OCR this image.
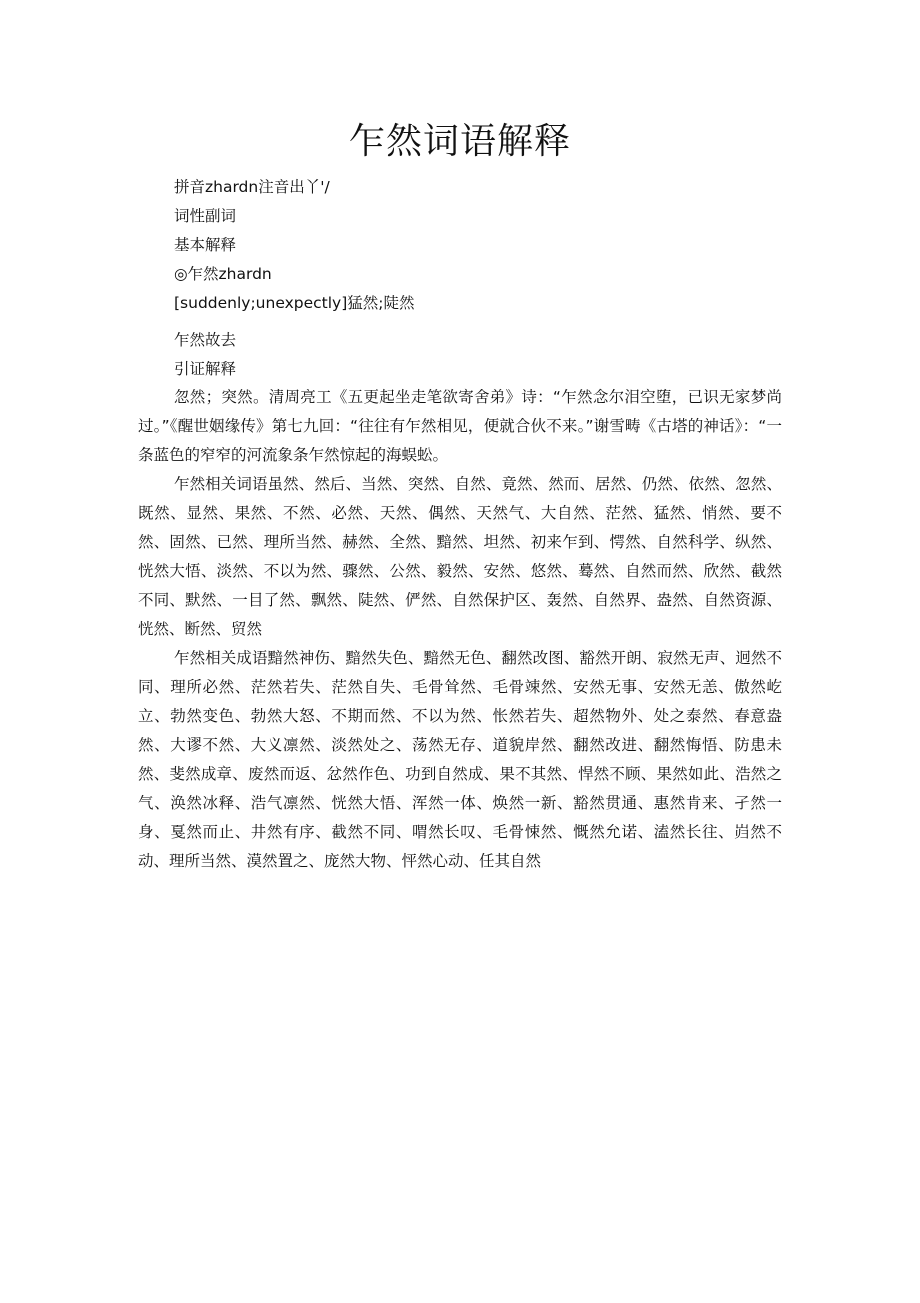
乍然词语解释

拼音zhardn注音出丫'/

词性副词

基本解释

◎乍然zhardn

[suddenly;unexpectly]猛然;陡然

乍然故去

引证解释

忽然；突然。清周亮工《五更起坐走笔欲寄舍弟》诗：“乍然念尔泪空堕，已识无家梦尚过。”《醒世姻缘传》第七九回：“往往有乍然相见，便就合伙不来。”谢雪畴《古塔的神话》：“一条蓝色的窄窄的河流象条乍然惊起的海蜈蚣。

乍然相关词语虽然、然后、当然、突然、自然、竟然、然而、居然、仍然、依然、忽然、既然、显然、果然、不然、必然、天然、偶然、天然气、大自然、茫然、猛然、悄然、要不然、固然、已然、理所当然、赫然、全然、黯然、坦然、初来乍到、愕然、自然科学、纵然、恍然大悟、淡然、不以为然、骤然、公然、毅然、安然、悠然、蓦然、自然而然、欣然、截然不同、默然、一目了然、飘然、陡然、俨然、自然保护区、轰然、自然界、盎然、自然资源、恍然、断然、贸然

乍然相关成语黯然神伤、黯然失色、黯然无色、翻然改图、豁然开朗、寂然无声、迥然不同、理所必然、茫然若失、茫然自失、毛骨耸然、毛骨竦然、安然无事、安然无恙、傲然屹立、勃然变色、勃然大怒、不期而然、不以为然、怅然若失、超然物外、处之泰然、春意盎然、大谬不然、大义凛然、淡然处之、荡然无存、道貌岸然、翻然改进、翻然悔悟、防患未然、斐然成章、废然而返、忿然作色、功到自然成、果不其然、悍然不顾、果然如此、浩然之气、涣然冰释、浩气凛然、恍然大悟、浑然一体、焕然一新、豁然贯通、惠然肯来、孑然一身、戛然而止、井然有序、截然不同、喟然长叹、毛骨悚然、慨然允诺、溘然长往、岿然不动、理所当然、漠然置之、庞然大物、怦然心动、任其自然
